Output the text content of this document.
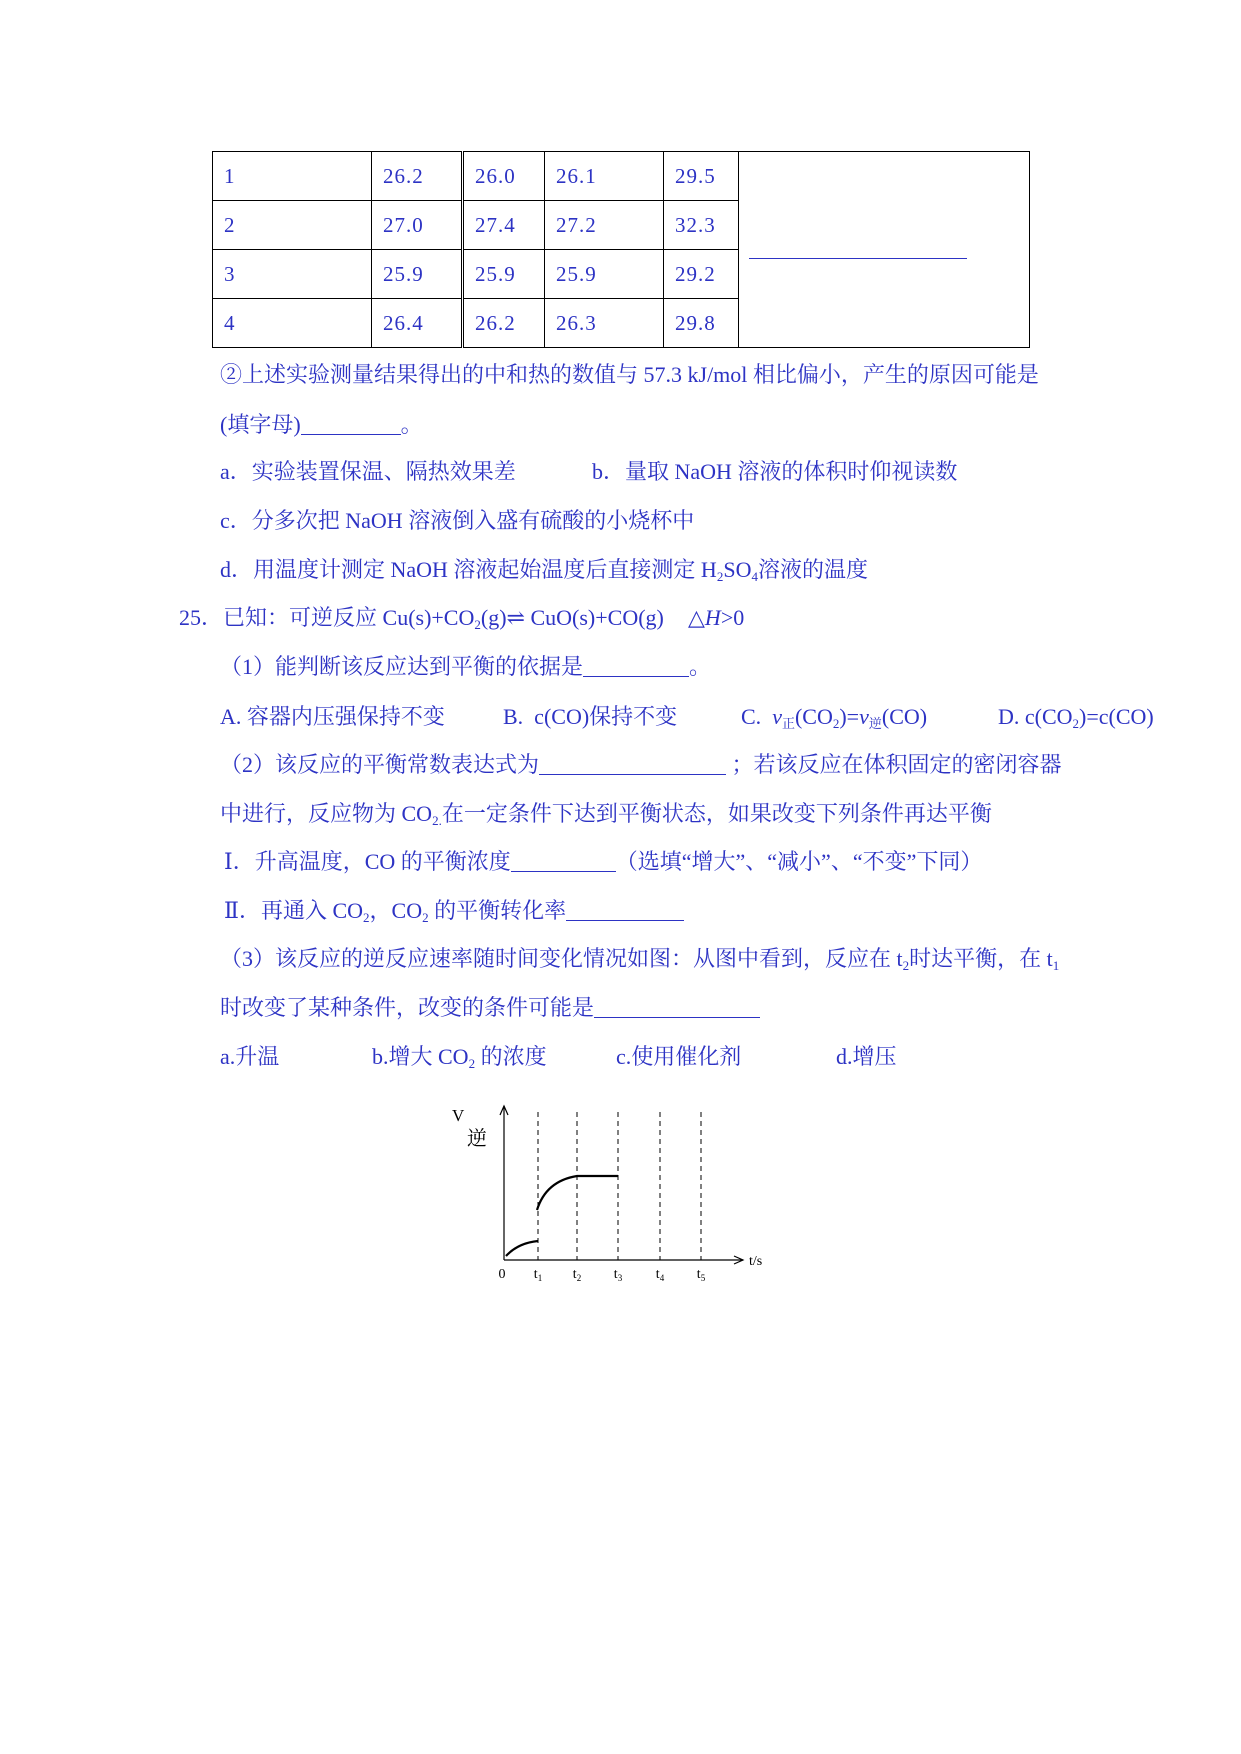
1	26.2	26.0	26.1	29.5	
2	27.0	27.4	27.2	32.3	
3	25.9	25.9	25.9	29.2	
4	26.4	26.2	26.3	29.8	
②上述实验测量结果得出的中和热的数值与 57.3 kJ/mol 相比偏小，产生的原因可能是
(填字母)	。
a．实验装置保温、隔热效果差	b．量取 NaOH 溶液的体积时仰视读数
c．分多次把 NaOH 溶液倒入盛有硫酸的小烧杯中
d．用温度计测定 NaOH 溶液起始温度后直接测定 $H_2SO_4$溶液的温度
25．已知：可逆反应 $Cu(s)+CO_2(g)\rightleftharpoons$ CuO(s)+CO(g) △H>0
（1）能判断该反应达到平衡的依据是	。
A. 容器内压强保持不变	B.  c(CO)保持不变	C.  $v_正(CO_2)=v_逆(CO)$	D. $c(CO_2)=c(CO)$
（2）该反应的平衡常数表达式为	；若该反应在体积固定的密闭容器
中进行，反应物为 $CO_{2.}$在一定条件下达到平衡状态，如果改变下列条件再达平衡
Ⅰ．升高温度，CO 的平衡浓度	（选填“增大”、“减小”、“不变”下同）
Ⅱ．再通入 $CO_2$，$CO_2$ 的平衡转化率
（3）该反应的逆反应速率随时间变化情况如图：从图中看到，反应在 $t_2$时达平衡，在 $t_1$
时改变了某种条件，改变的条件可能是
a.升温	b.增大 $CO_2$ 的浓度	c.使用催化剂	d.增压
V
逆
t/s
0 $t_1$ $t_2$ $t_3$ $t_4$ $t_5$
